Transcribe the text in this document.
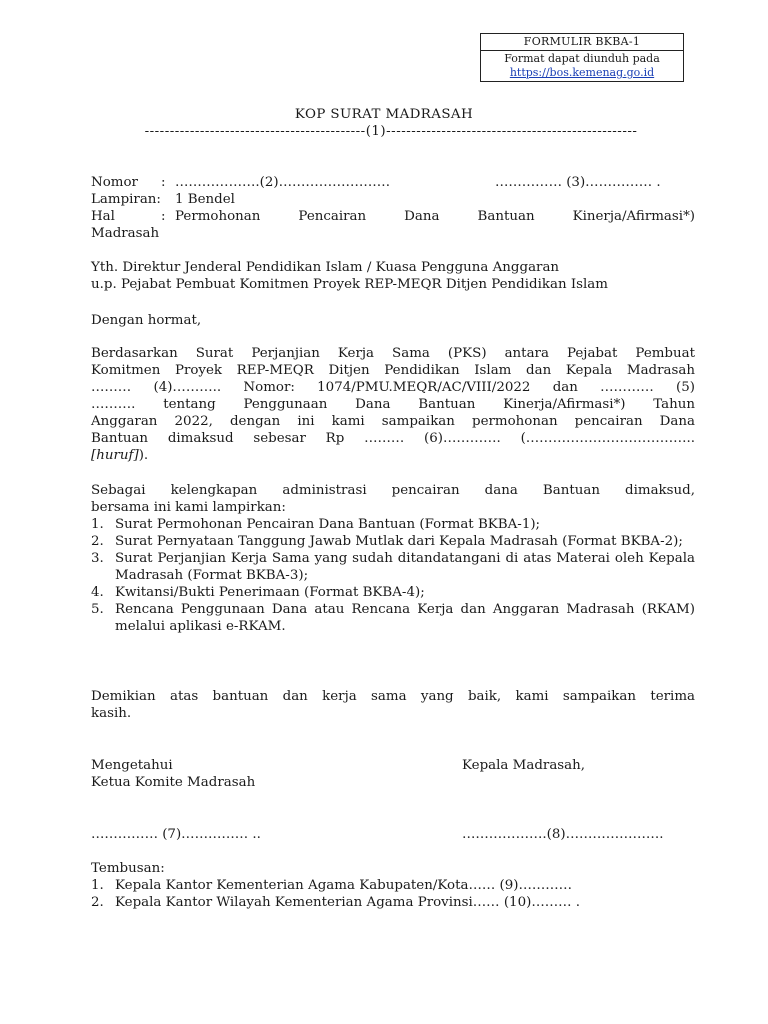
FORMULIR BKBA-1
Format dapat diunduh pada
https://bos.kemenag.go.id
KOP SURAT MADRASAH
--------------------------------------------(1)--------------------------------------------------
Nomor	: ……………….(2)…………………….	…………… (3)…………… .
Lampiran:	1 Bendel
Hal	: Permohonan Pencairan Dana Bantuan Kinerja/Afirmasi*)
Madrasah
Yth. Direktur Jenderal Pendidikan Islam / Kuasa Pengguna Anggaran
u.p. Pejabat Pembuat Komitmen Proyek REP-MEQR Ditjen Pendidikan Islam
Dengan hormat,
Berdasarkan Surat Perjanjian Kerja Sama (PKS) antara Pejabat Pembuat
Komitmen Proyek REP-MEQR Ditjen Pendidikan Islam dan Kepala Madrasah
……… (4)……….. Nomor: 1074/PMU.MEQR/AC/VIII/2022 dan ………… (5)
………. tentang Penggunaan Dana Bantuan Kinerja/Afirmasi*) Tahun
Anggaran 2022, dengan ini kami sampaikan permohonan pencairan Dana
Bantuan dimaksud sebesar Rp ……… (6)…………. (………………………………..
[huruf]).
Sebagai kelengkapan administrasi pencairan dana Bantuan dimaksud,
bersama ini kami lampirkan:
1. Surat Permohonan Pencairan Dana Bantuan (Format BKBA-1);
2. Surat Pernyataan Tanggung Jawab Mutlak dari Kepala Madrasah (Format BKBA-2);
3. Surat Perjanjian Kerja Sama yang sudah ditandatangani di atas Materai oleh Kepala Madrasah (Format BKBA-3);
4. Kwitansi/Bukti Penerimaan (Format BKBA-4);
5. Rencana Penggunaan Dana atau Rencana Kerja dan Anggaran Madrasah (RKAM) melalui aplikasi e-RKAM.
Demikian atas bantuan dan kerja sama yang baik, kami sampaikan terima
kasih.
Mengetahui	Kepala Madrasah,
Ketua Komite Madrasah
…………… (7)…………… ..	……………….(8)………………….
Tembusan:
1. Kepala Kantor Kementerian Agama Kabupaten/Kota…… (9)…………
2. Kepala Kantor Wilayah Kementerian Agama Provinsi…… (10)……… .
